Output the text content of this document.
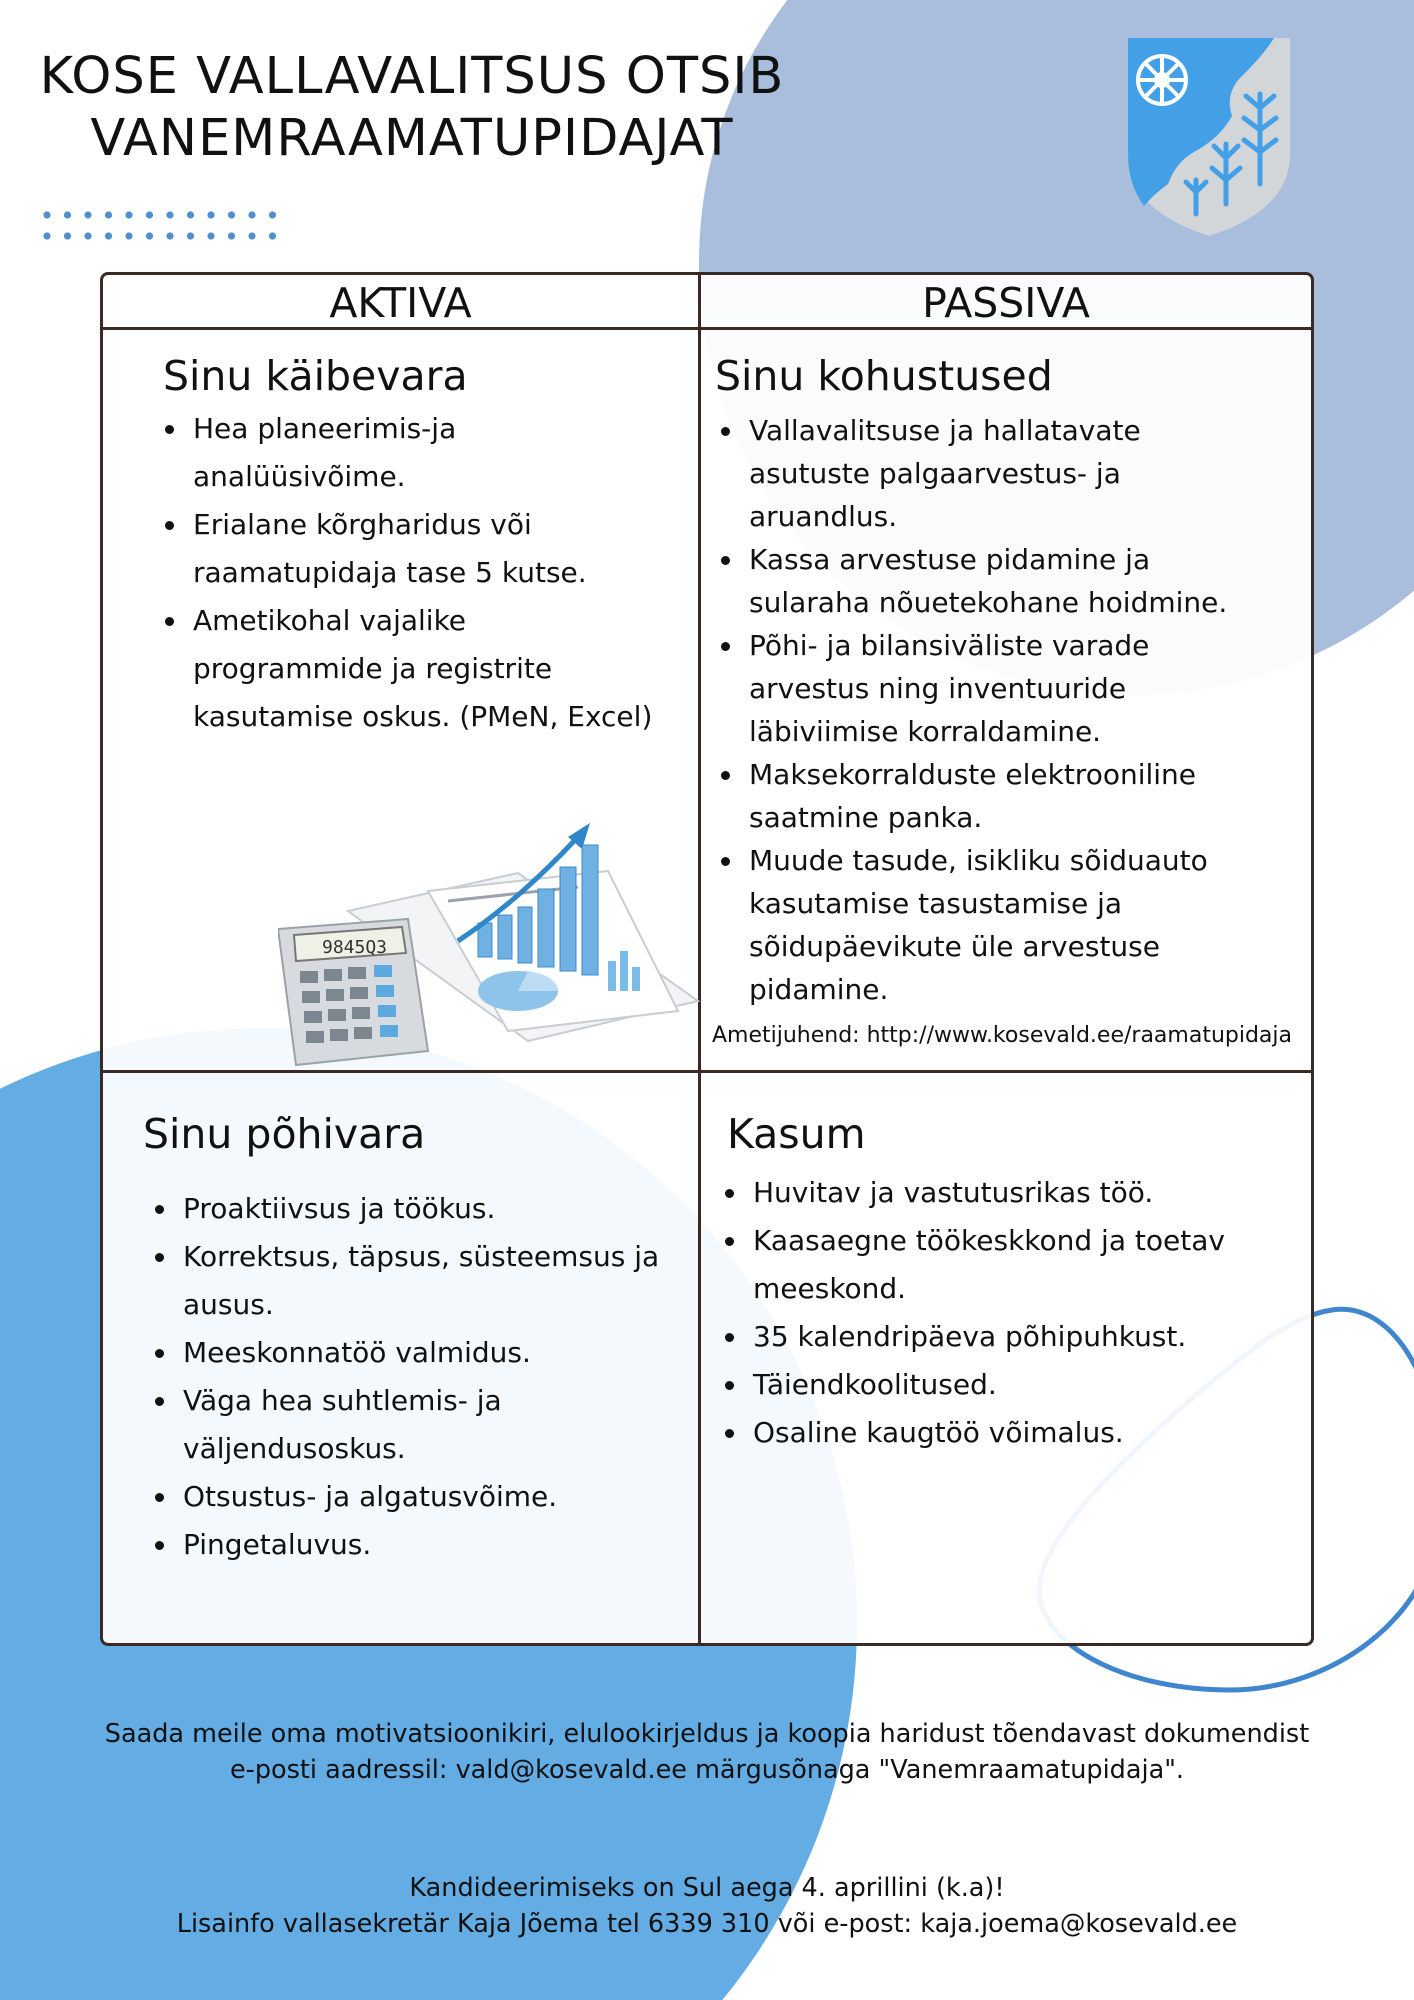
KOSE VALLAVALITSUS OTSIB
VANEMRAAMATUPIDAJAT
AKTIVA	PASSIVA
Sinu käibevara
• Hea planeerimis-ja
analüüsivõime.
• Erialane kõrgharidus või
raamatupidaja tase 5 kutse.
• Ametikohal vajalike
programmide ja registrite
kasutamise oskus. (PMeN, Excel)
9845Q3
Sinu kohustused
• Vallavalitsuse ja hallatavate
asutuste palgaarvestus- ja
aruandlus.
• Kassa arvestuse pidamine ja
sularaha nõuetekohane hoidmine.
• Põhi- ja bilansiväliste varade
arvestus ning inventuuride
läbiviimise korraldamine.
• Maksekorralduste elektrooniline
saatmine panka.
• Muude tasude, isikliku sõiduauto
kasutamise tasustamise ja
sõidupäevikute üle arvestuse
pidamine.
Ametijuhend: http://www.kosevald.ee/raamatupidaja
Sinu põhivara
• Proaktiivsus ja töökus.
• Korrektsus, täpsus, süsteemsus ja
ausus.
• Meeskonnatöö valmidus.
• Väga hea suhtlemis- ja
väljendusoskus.
• Otsustus- ja algatusvõime.
• Pingetaluvus.
Kasum
• Huvitav ja vastutusrikas töö.
• Kaasaegne töökeskkond ja toetav
meeskond.
• 35 kalendripäeva põhipuhkust.
• Täiendkoolitused.
• Osaline kaugtöö võimalus.
Saada meile oma motivatsioonikiri, elulookirjeldus ja koopia haridust tõendavast dokumendist
e-posti aadressil: vald@kosevald.ee märgusõnaga "Vanemraamatupidaja".
Kandideerimiseks on Sul aega 4. aprillini (k.a)!
Lisainfo vallasekretär Kaja Jõema tel 6339 310 või e-post: kaja.joema@kosevald.ee
